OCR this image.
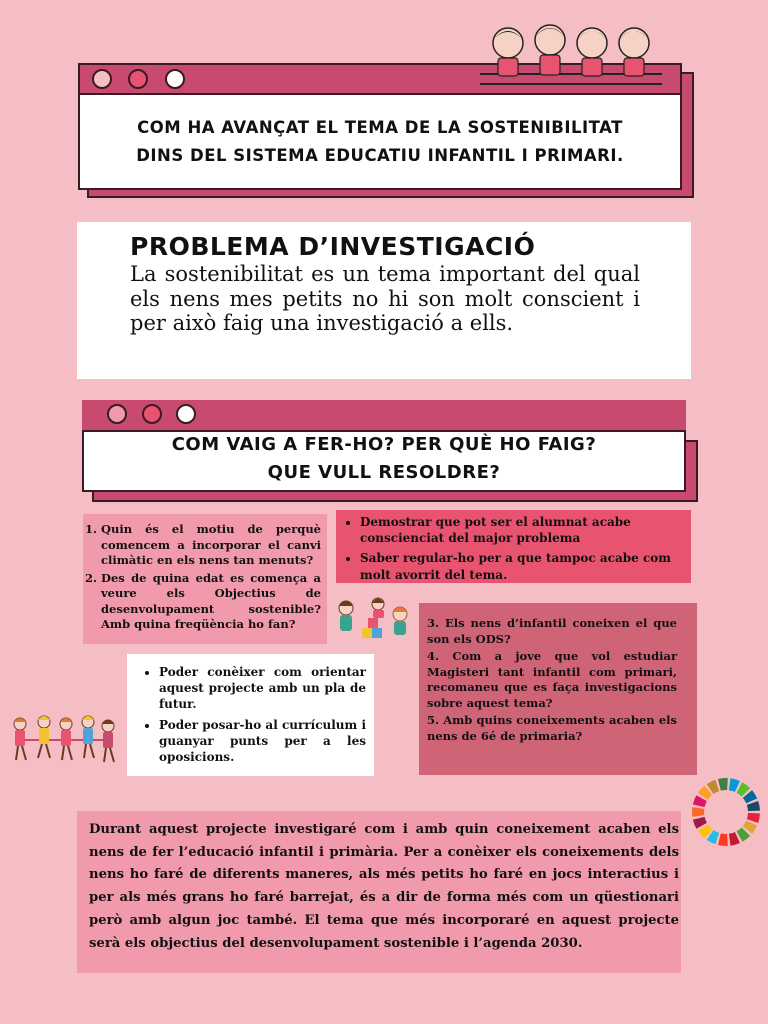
COM HA AVANÇAT EL TEMA DE LA SOSTENIBILITAT DINS DEL SISTEMA EDUCATIU INFANTIL I PRIMARI.
PROBLEMA D’INVESTIGACIÓ
La sostenibilitat es un tema important del qual els nens mes petits no hi son molt conscient i per això faig una investigació a ells.
COM VAIG A FER-HO? PER QUÈ HO FAIG?
QUE VULL RESOLDRE?
1. Quin és el motiu de perquè comencem a incorporar el canvi climàtic en els nens tan menuts?
2. Des de quina edat es comença a veure els Objectius de desenvolupament sostenible? Amb quina freqüència ho fan?
• Demostrar que pot ser el alumnat acabe conscienciat del major problema
• Saber regular-ho per a que tampoc acabe com molt avorrit del tema.
3. Els nens d’infantil coneixen el que son els ODS?
4. Com a jove que vol estudiar Magisteri tant infantil com primari, recomaneu que es faça investigacions sobre aquest tema?
5. Amb quins coneixements acaben els nens de 6é de primaria?
• Poder conèixer com orientar aquest projecte amb un pla de futur.
• Poder posar-ho al currículum i guanyar punts per a les oposicions.
Durant aquest projecte investigaré com i amb quin coneixement acaben els nens de fer l’educació infantil i primària. Per a conèixer els coneixements dels nens ho faré de diferents maneres, als més petits ho faré en jocs interactius i per als més grans ho faré barrejat, és a dir de forma més com un qüestionari però amb algun joc també. El tema que més incorporaré en aquest projecte serà els objectius del desenvolupament sostenible i l’agenda 2030.
